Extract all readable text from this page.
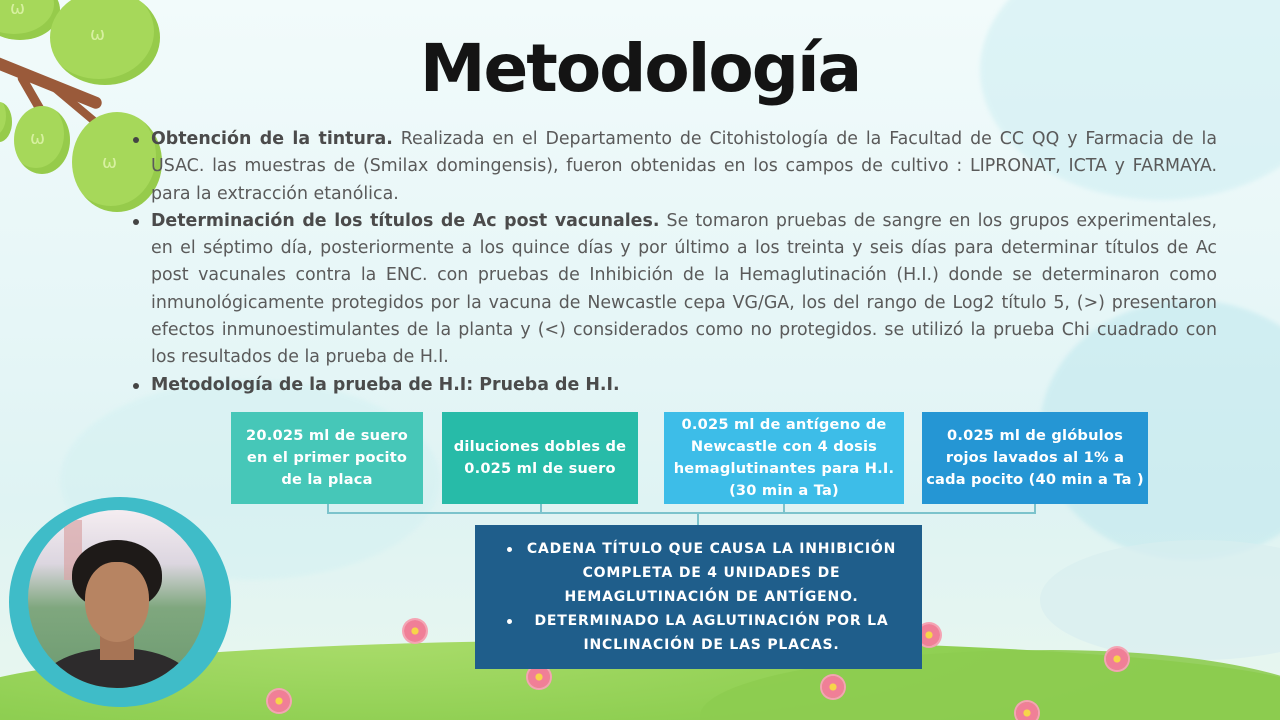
ω
ω
ω
ω
Metodología
Obtención de la tintura. Realizada en el Departamento de Citohistología de la Facultad de CC QQ y Farmacia de la USAC. las muestras de (Smilax domingensis), fueron obtenidas en los campos de cultivo : LIPRONAT, ICTA y FARMAYA. para la extracción etanólica.
Determinación de los títulos de Ac post vacunales. Se tomaron pruebas de sangre en los grupos experimentales, en el séptimo día, posteriormente a los quince días y por último a los treinta y seis días para determinar títulos de Ac post vacunales contra la ENC. con pruebas de Inhibición de la Hemaglutinación (H.I.) donde se determinaron como inmunológicamente protegidos por la vacuna de Newcastle cepa VG/GA, los del rango de Log2 título 5, (>) presentaron efectos inmunoestimulantes de la planta y (<) considerados como no protegidos. se utilizó la prueba Chi cuadrado con los resultados de la prueba de H.I.
Metodología de la prueba de H.I: Prueba de H.I.
20.025 ml de suero en el primer pocito de la placa
diluciones dobles de 0.025 ml de suero
0.025 ml de antígeno de Newcastle con 4 dosis hemaglutinantes para H.I. (30 min a Ta)
0.025 ml de glóbulos rojos lavados al 1% a cada pocito (40 min a Ta )
CADENA TÍTULO QUE CAUSA LA INHIBICIÓN COMPLETA DE 4 UNIDADES DE HEMAGLUTINACIÓN DE ANTÍGENO.
DETERMINADO LA AGLUTINACIÓN POR LA INCLINACIÓN DE LAS PLACAS.
